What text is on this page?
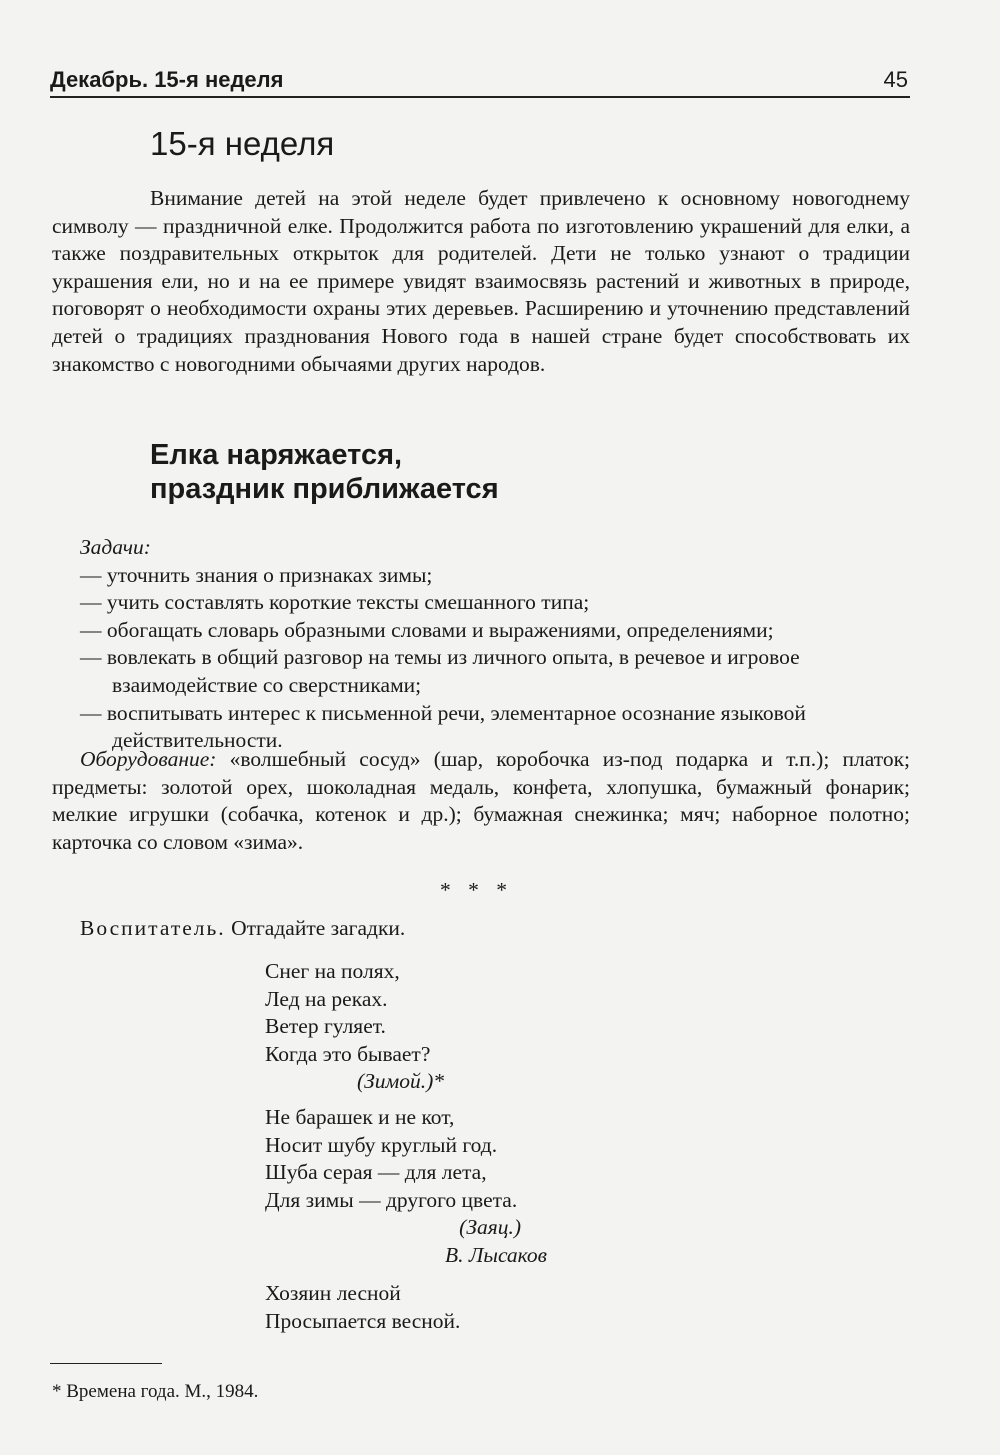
Декабрь. 15-я неделя	45
15-я неделя

Внимание детей на этой неделе будет привлечено к основному новогоднему символу — праздничной елке. Продолжится работа по изготовлению украшений для елки, а также поздравительных открыток для родителей. Дети не только узнают о традиции украшения ели, но и на ее примере увидят взаимосвязь растений и животных в природе, поговорят о необходимости охраны этих деревьев. Расширению и уточнению представлений детей о традициях празднования Нового года в нашей стране будет способствовать их знакомство с новогодними обычаями других народов.

Елка наряжается,
праздник приближается

Задачи:

— уточнить знания о признаках зимы;
— учить составлять короткие тексты смешанного типа;
— обогащать словарь образными словами и выражениями, определениями;
— вовлекать в общий разговор на темы из личного опыта, в речевое и игровое взаимодействие со сверстниками;
— воспитывать интерес к письменной речи, элементарное осознание языковой действительности.

Оборудование: «волшебный сосуд» (шар, коробочка из-под подарка и т.п.); платок; предметы: золотой орех, шоколадная медаль, конфета, хлопушка, бумажный фонарик; мелкие игрушки (собачка, котенок и др.); бумажная снежинка; мяч; наборное полотно; карточка со словом «зима».

* * *
Воспитатель. Отгадайте загадки.

Снег на полях,

Лед на реках.

Ветер гуляет.

Когда это бывает?

(Зимой.)*

Не барашек и не кот,

Носит шубу круглый год.

Шуба серая — для лета,

Для зимы — другого цвета.

(Заяц.)

В. Лысаков

Хозяин лесной

Просыпается весной.

* Времена года. М., 1984.
